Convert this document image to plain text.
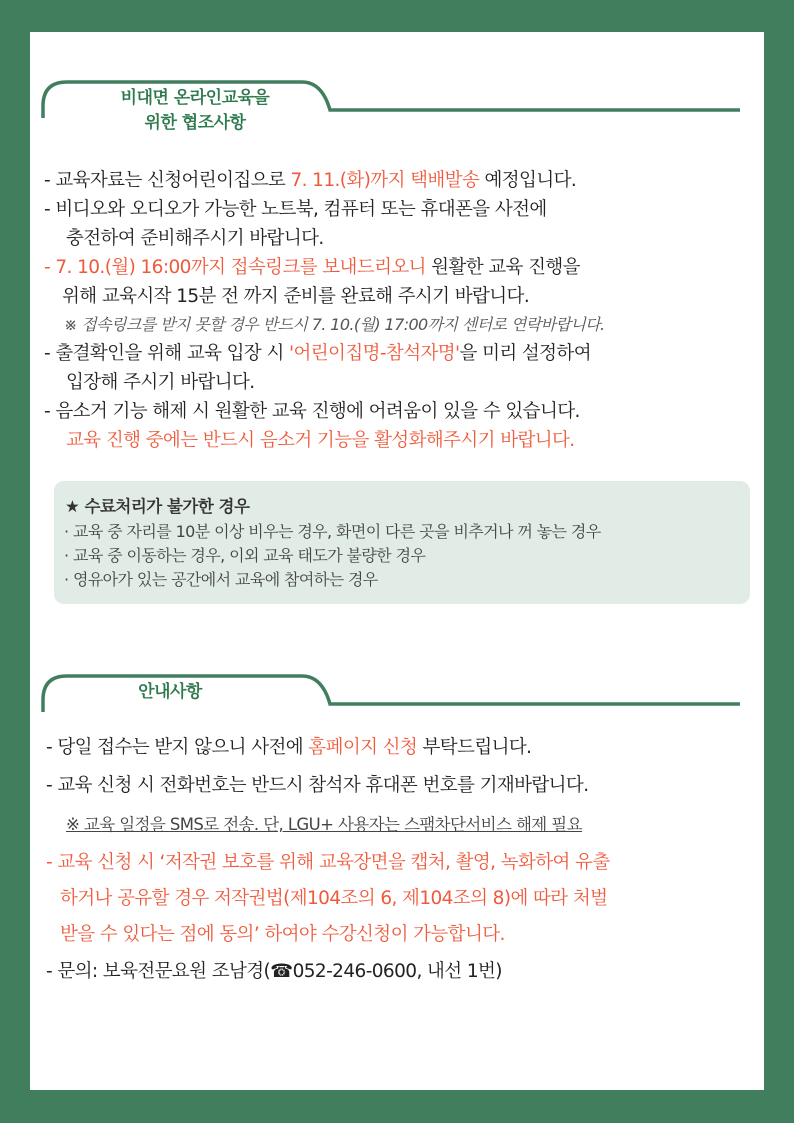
비대면 온라인교육을
위한 협조사항
- 교육자료는 신청어린이집으로 7. 11.(화)까지 택배발송 예정입니다.
- 비디오와 오디오가 가능한 노트북, 컴퓨터 또는 휴대폰을 사전에
충전하여 준비해주시기 바랍니다.
- 7. 10.(월) 16:00까지 접속링크를 보내드리오니 원활한 교육 진행을
위해 교육시작 15분 전 까지 준비를 완료해 주시기 바랍니다.
※ 접속링크를 받지 못할 경우 반드시 7. 10.(월) 17:00까지 센터로 연락바랍니다.
- 출결확인을 위해 교육 입장 시 '어린이집명-참석자명'을 미리 설정하여
입장해 주시기 바랍니다.
- 음소거 기능 해제 시 원활한 교육 진행에 어려움이 있을 수 있습니다.
교육 진행 중에는 반드시 음소거 기능을 활성화해주시기 바랍니다.
★ 수료처리가 불가한 경우
· 교육 중 자리를 10분 이상 비우는 경우, 화면이 다른 곳을 비추거나 꺼 놓는 경우
· 교육 중 이동하는 경우, 이외 교육 태도가 불량한 경우
· 영유아가 있는 공간에서 교육에 참여하는 경우
안내사항
- 당일 접수는 받지 않으니 사전에 홈페이지 신청 부탁드립니다.
- 교육 신청 시 전화번호는 반드시 참석자 휴대폰 번호를 기재바랍니다.
※ 교육 일정을 SMS로 전송. 단, LGU+ 사용자는 스팸차단서비스 해제 필요
- 교육 신청 시 ‘저작권 보호를 위해 교육장면을 캡처, 촬영, 녹화하여 유출
하거나 공유할 경우 저작권법(제104조의 6, 제104조의 8)에 따라 처벌
받을 수 있다는 점에 동의’ 하여야 수강신청이 가능합니다.
- 문의: 보육전문요원 조남경(☎052-246-0600, 내선 1번)
